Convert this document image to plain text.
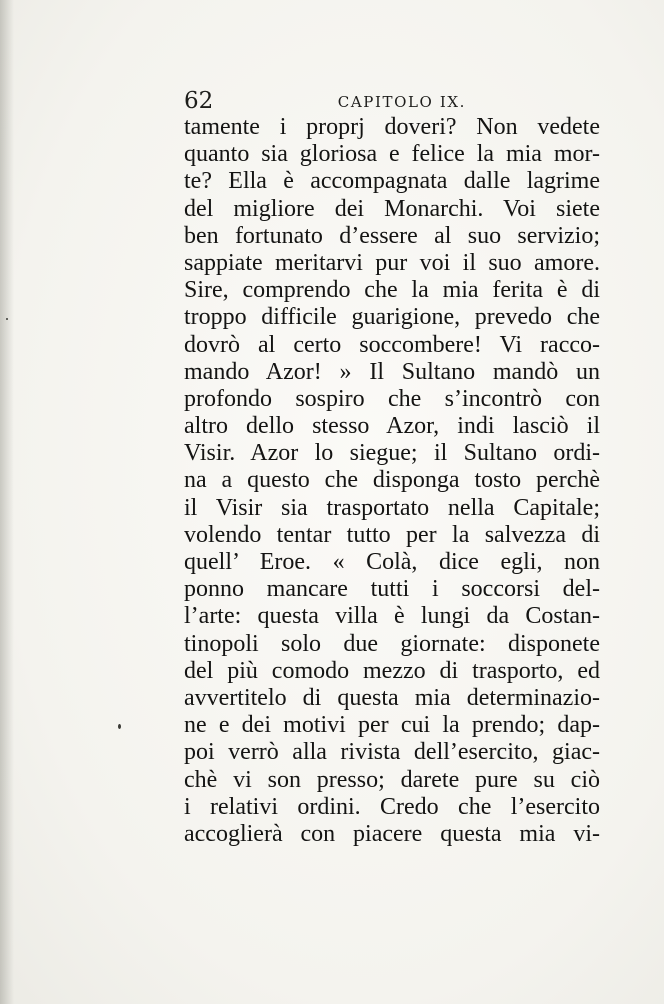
62	CAPITOLO IX.
tamente i proprj doveri? Non vedete
quanto sia gloriosa e felice la mia mor-
te? Ella è accompagnata dalle lagrime
del migliore dei Monarchi. Voi siete
ben fortunato d’essere al suo servizio;
sappiate meritarvi pur voi il suo amore.
Sire, comprendo che la mia ferita è di
troppo difficile guarigione, prevedo che
dovrò al certo soccombere! Vi racco-
mando Azor! » Il Sultano mandò un
profondo sospiro che s’incontrò con
altro dello stesso Azor, indi lasciò il
Visir. Azor lo siegue; il Sultano ordi-
na a questo che disponga tosto perchè
il Visir sia trasportato nella Capitale;
volendo tentar tutto per la salvezza di
quell’ Eroe. « Colà, dice egli, non
ponno mancare tutti i soccorsi del-
l’arte: questa villa è lungi da Costan-
tinopoli solo due giornate: disponete
del più comodo mezzo di trasporto, ed
avvertitelo di questa mia determinazio-
ne e dei motivi per cui la prendo; dap-
poi verrò alla rivista dell’esercito, giac-
chè vi son presso; darete pure su ciò
i relativi ordini. Credo che l’esercito
accoglierà con piacere questa mia vi-
